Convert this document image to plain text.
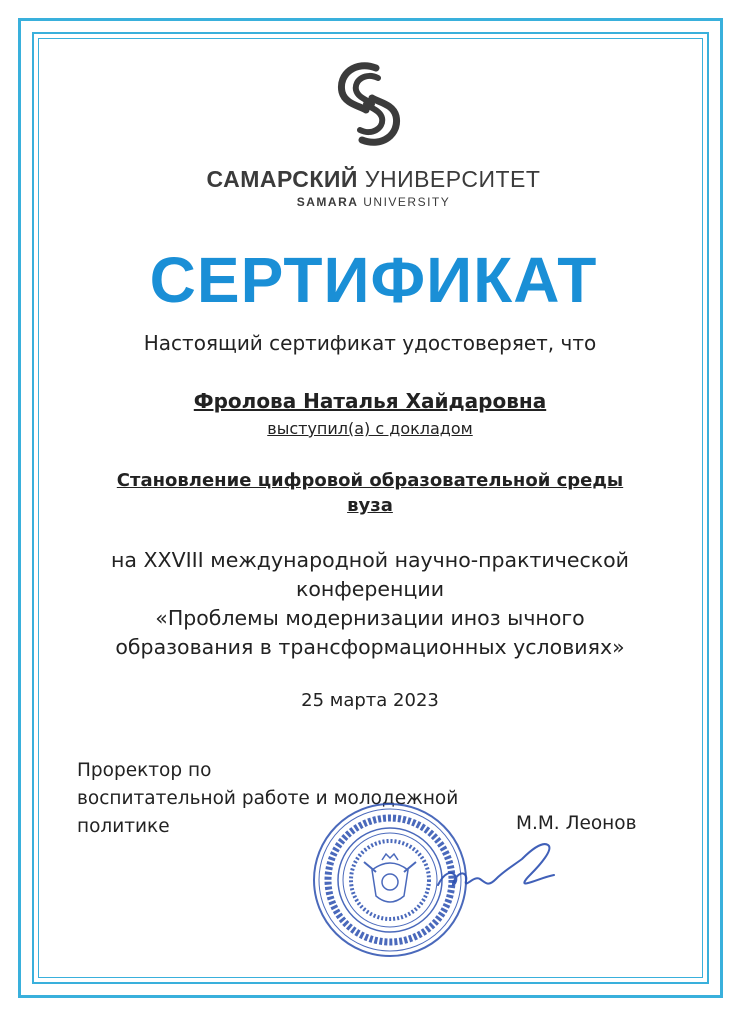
САМАРСКИЙ УНИВЕРСИТЕТ
SAMARA UNIVERSITY
СЕРТИФИКАТ
Настоящий сертификат удостоверяет, что
Фролова Наталья Хайдаровна
выступил(а) с докладом
Становление цифровой образовательной среды
вуза
на XXVIII международной научно-практической
конференции
«Проблемы модернизации иноз ычного
образования в трансформационных условиях»
25 марта 2023
Проректор по
воспитательной работе и молодежной
политике	М.М. Леонов
